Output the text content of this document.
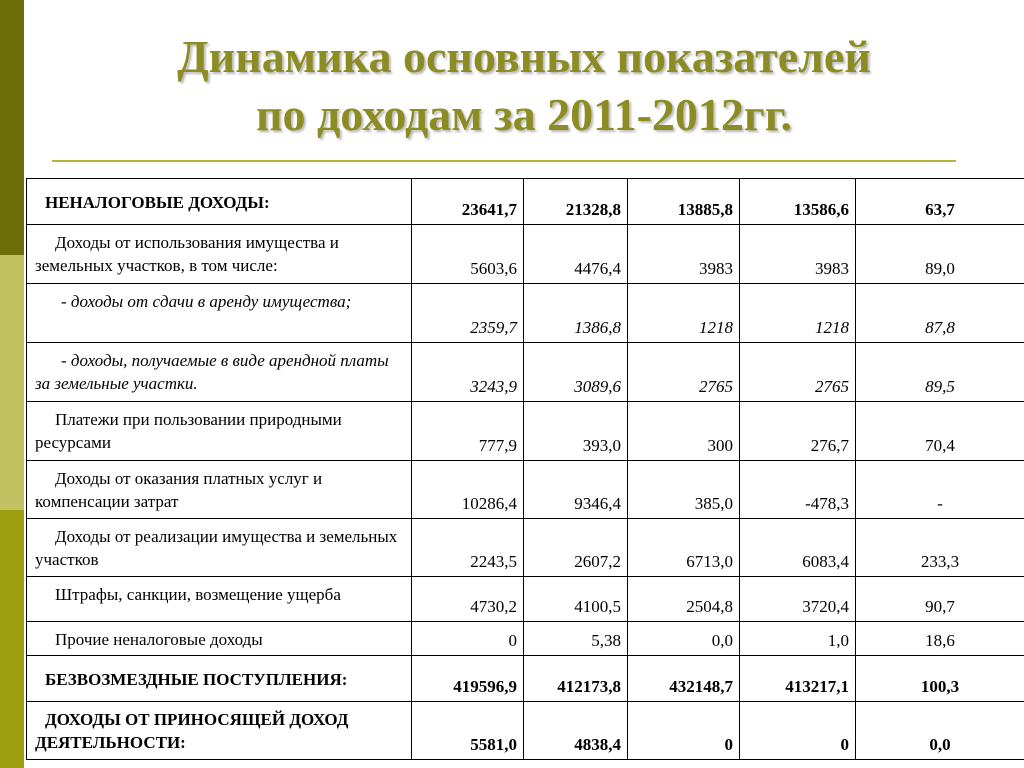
Динамика основных показателей
по доходам за 2011-2012гг.
НЕНАЛОГОВЫЕ ДОХОДЫ:	23641,7	21328,8	13885,8	13586,6	63,7
Доходы от использования имущества и земельных участков, в том числе:	5603,6	4476,4	3983	3983	89,0
- доходы от сдачи в аренду имущества;	2359,7	1386,8	1218	1218	87,8
- доходы, получаемые в виде арендной платы за земельные участки.	3243,9	3089,6	2765	2765	89,5
Платежи при пользовании природными ресурсами	777,9	393,0	300	276,7	70,4
Доходы от оказания платных услуг и компенсации затрат	10286,4	9346,4	385,0	-478,3	-
Доходы от реализации имущества и земельных участков	2243,5	2607,2	6713,0	6083,4	233,3
Штрафы, санкции, возмещение ущерба	4730,2	4100,5	2504,8	3720,4	90,7
Прочие неналоговые доходы	0	5,38	0,0	1,0	18,6
БЕЗВОЗМЕЗДНЫЕ ПОСТУПЛЕНИЯ:	419596,9	412173,8	432148,7	413217,1	100,3
ДОХОДЫ ОТ ПРИНОСЯЩЕЙ ДОХОД ДЕЯТЕЛЬНОСТИ:	5581,0	4838,4	0	0	0,0
